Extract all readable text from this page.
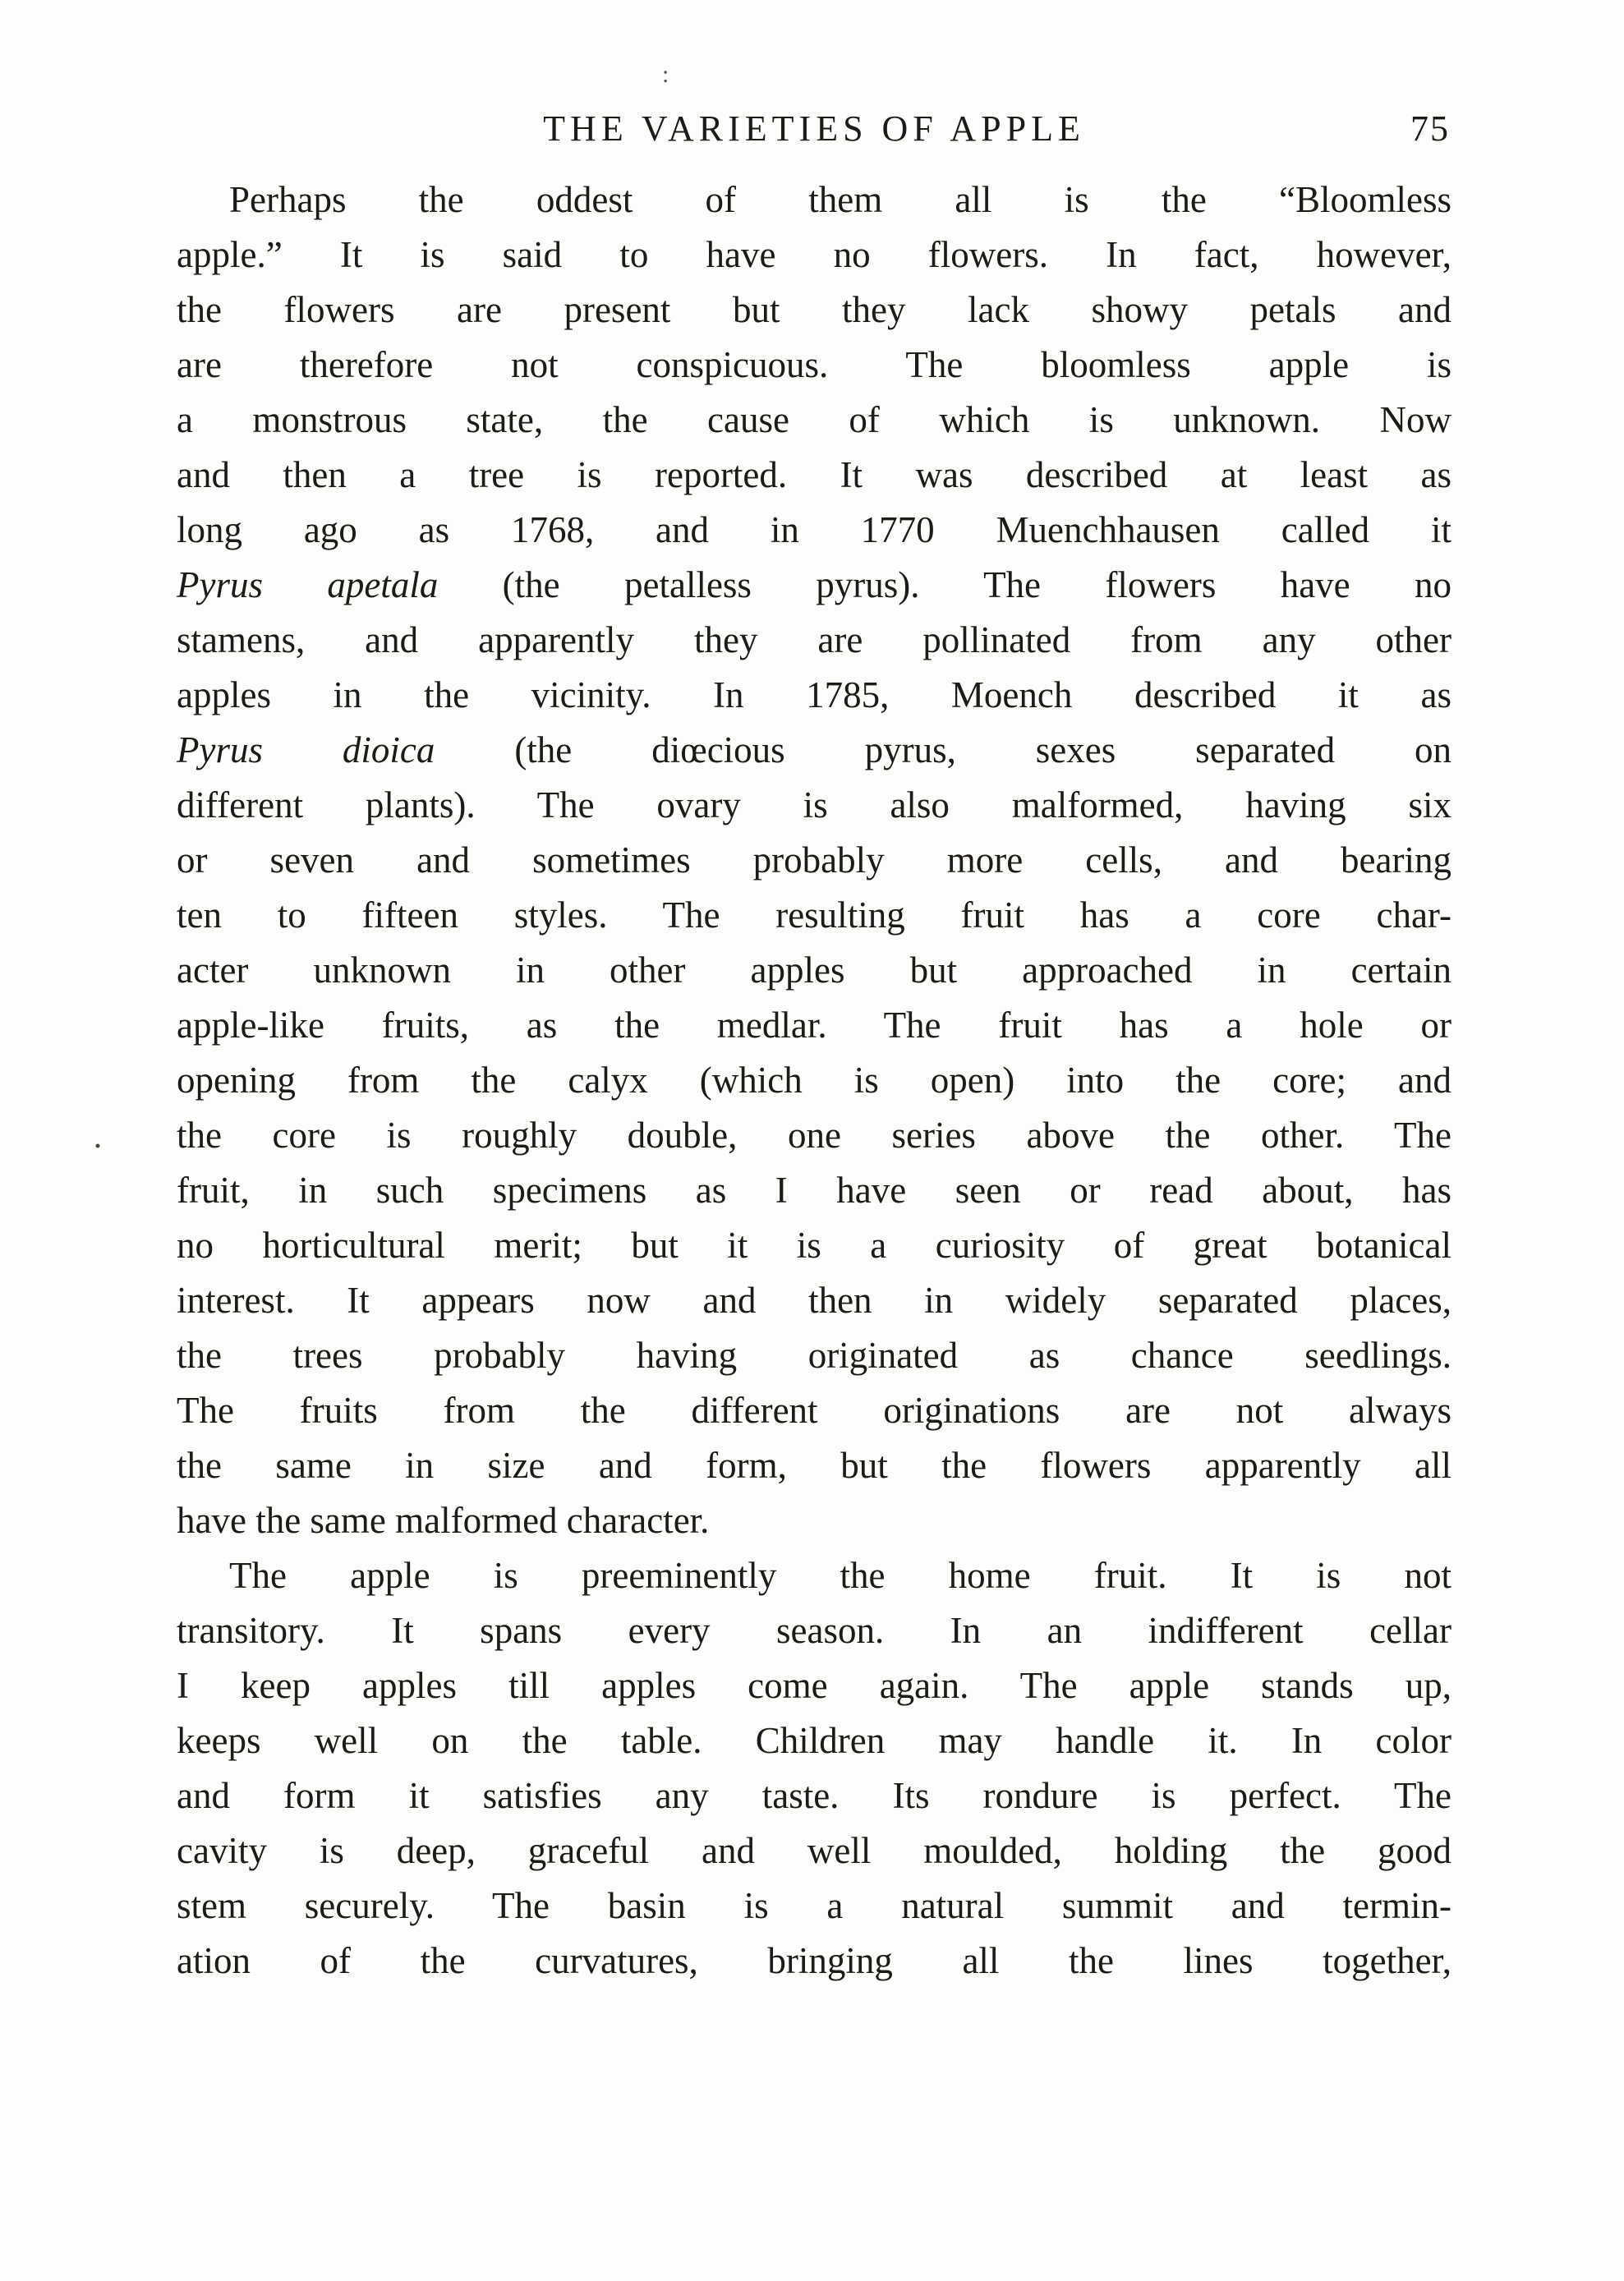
:
·
THE VARIETIES OF APPLE	75
Perhaps the oddest of them all is the “Bloomless
apple.” It is said to have no flowers. In fact, however,
the flowers are present but they lack showy petals and
are therefore not conspicuous. The bloomless apple is
a monstrous state, the cause of which is unknown. Now
and then a tree is reported. It was described at least as
long ago as 1768, and in 1770 Muenchhausen called it
Pyrus apetala (the petalless pyrus). The flowers have no
stamens, and apparently they are pollinated from any other
apples in the vicinity. In 1785, Moench described it as
Pyrus dioica (the diœcious pyrus, sexes separated on
different plants). The ovary is also malformed, having six
or seven and sometimes probably more cells, and bearing
ten to fifteen styles. The resulting fruit has a core char-
acter unknown in other apples but approached in certain
apple-like fruits, as the medlar. The fruit has a hole or
opening from the calyx (which is open) into the core; and
the core is roughly double, one series above the other. The
fruit, in such specimens as I have seen or read about, has
no horticultural merit; but it is a curiosity of great botanical
interest. It appears now and then in widely separated places,
the trees probably having originated as chance seedlings.
The fruits from the different originations are not always
the same in size and form, but the flowers apparently all
have the same malformed character.
The apple is preeminently the home fruit. It is not
transitory. It spans every season. In an indifferent cellar
I keep apples till apples come again. The apple stands up,
keeps well on the table. Children may handle it. In color
and form it satisfies any taste. Its rondure is perfect. The
cavity is deep, graceful and well moulded, holding the good
stem securely. The basin is a natural summit and termin-
ation of the curvatures, bringing all the lines together,
